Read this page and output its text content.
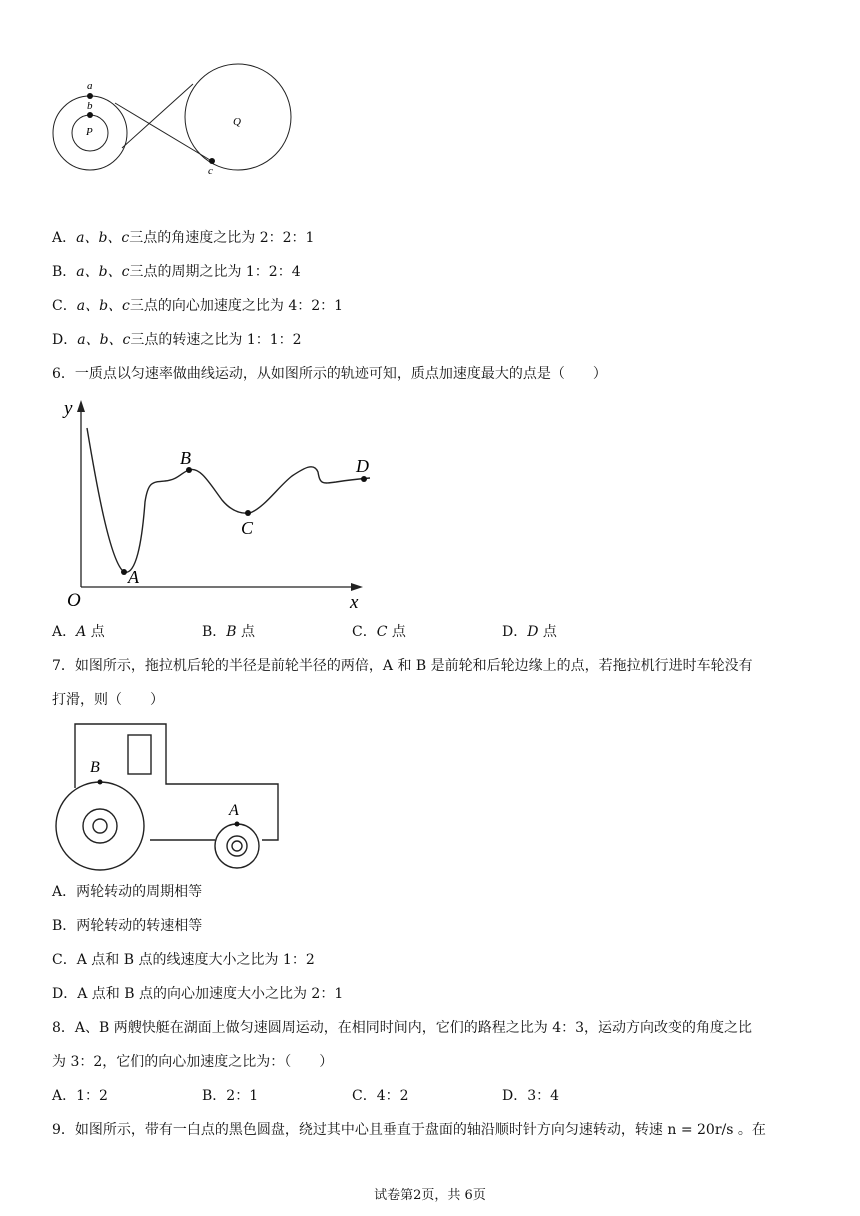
a
b
P
Q
c
A．a、b、c三点的角速度之比为 2：2：1
B．a、b、c三点的周期之比为 1：2：4
C．a、b、c三点的向心加速度之比为 4：2：1
D．a、b、c三点的转速之比为 1：1：2
6．一质点以匀速率做曲线运动，从如图所示的轨迹可知，质点加速度最大的点是（　　）
y
x
O
A
B
C
D
A．A 点	B．B 点	C．C 点	D．D 点
7．如图所示，拖拉机后轮的半径是前轮半径的两倍，A 和 B 是前轮和后轮边缘上的点，若拖拉机行进时车轮没有
打滑，则（　　）
B
A
A．两轮转动的周期相等
B．两轮转动的转速相等
C．A 点和 B 点的线速度大小之比为 1：2
D．A 点和 B 点的向心加速度大小之比为 2：1
8．A、B 两艘快艇在湖面上做匀速圆周运动，在相同时间内，它们的路程之比为 4：3，运动方向改变的角度之比
为 3：2，它们的向心加速度之比为：（　　）
A．1：2	B．2：1	C．4：2	D．3：4
9．如图所示，带有一白点的黑色圆盘，绕过其中心且垂直于盘面的轴沿顺时针方向匀速转动，转速 n = 20r/s 。在
试卷第2页，共 6页
